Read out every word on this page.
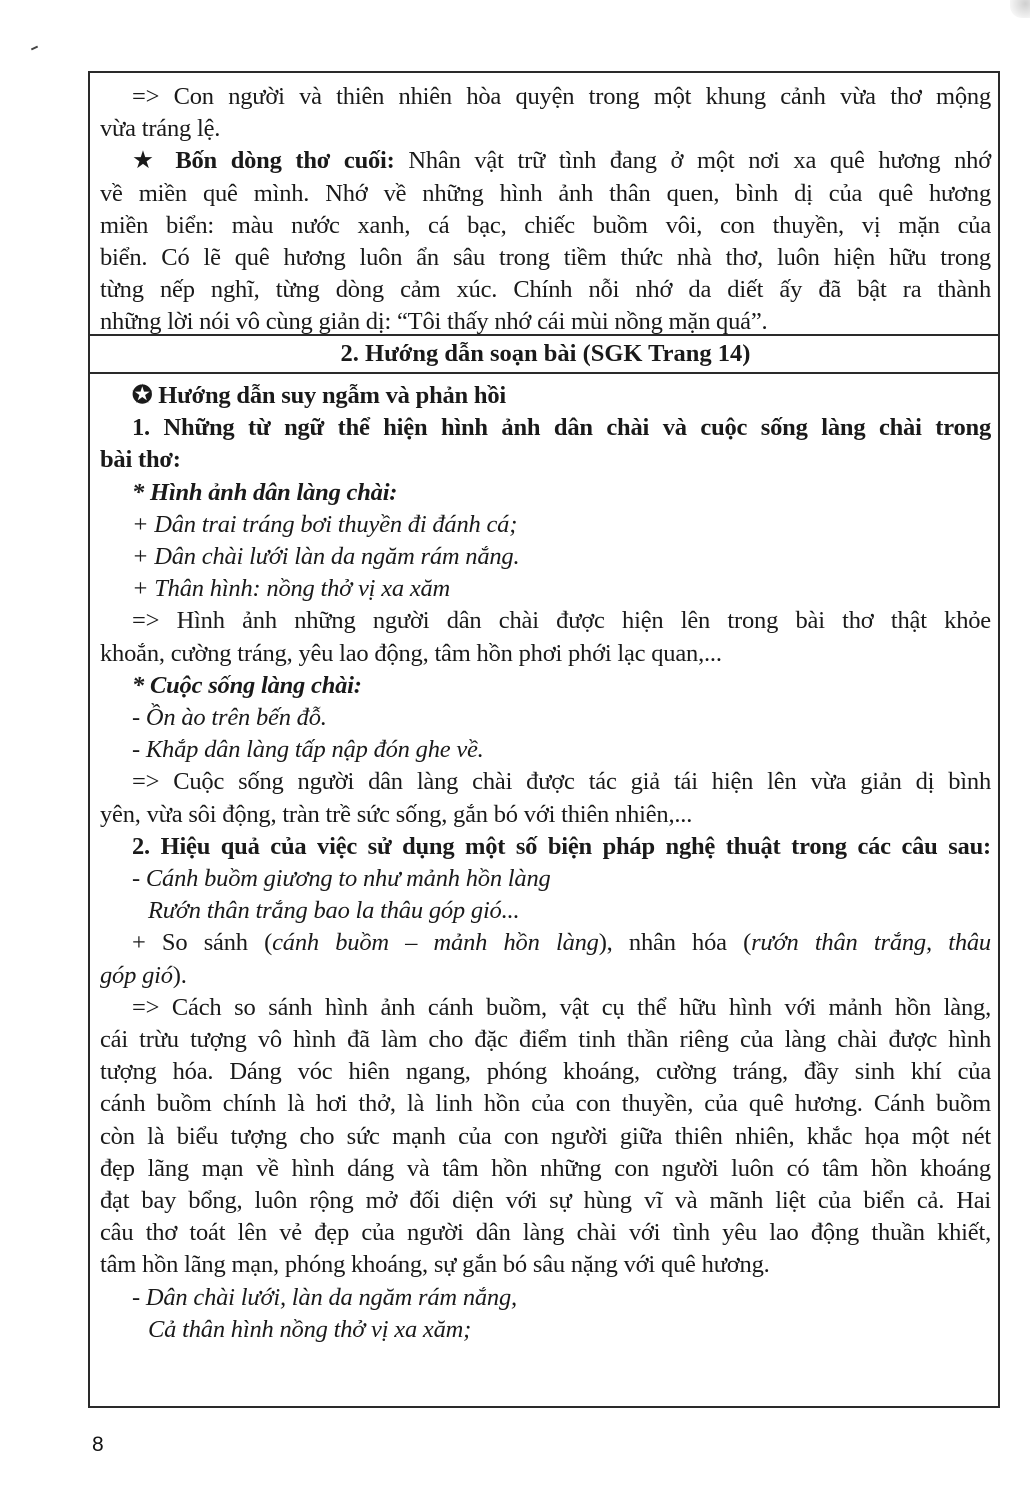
=> Con người và thiên nhiên hòa quyện trong một khung cảnh vừa thơ mộng
vừa tráng lệ.
★ Bốn dòng thơ cuối: Nhân vật trữ tình đang ở một nơi xa quê hương nhớ
về miền quê mình. Nhớ về những hình ảnh thân quen, bình dị của quê hương
miền biển: màu nước xanh, cá bạc, chiếc buồm vôi, con thuyền, vị mặn của
biển. Có lẽ quê hương luôn ẩn sâu trong tiềm thức nhà thơ, luôn hiện hữu trong
từng nếp nghĩ, từng dòng cảm xúc. Chính nỗi nhớ da diết ấy đã bật ra thành
những lời nói vô cùng giản dị: “Tôi thấy nhớ cái mùi nồng mặn quá”.
2. Hướng dẫn soạn bài (SGK Trang 14)
✪ Hướng dẫn suy ngẫm và phản hồi
1. Những từ ngữ thể hiện hình ảnh dân chài và cuộc sống làng chài trong
bài thơ:
* Hình ảnh dân làng chài:
+ Dân trai tráng bơi thuyền đi đánh cá;
+ Dân chài lưới làn da ngăm rám nắng.
+ Thân hình: nồng thở vị xa xăm
=> Hình ảnh những người dân chài được hiện lên trong bài thơ thật khỏe
khoắn, cường tráng, yêu lao động, tâm hồn phơi phới lạc quan,...
* Cuộc sống làng chài:
- Ồn ào trên bến đỗ.
- Khắp dân làng tấp nập đón ghe về.
=> Cuộc sống người dân làng chài được tác giả tái hiện lên vừa giản dị bình
yên, vừa sôi động, tràn trề sức sống, gắn bó với thiên nhiên,...
2. Hiệu quả của việc sử dụng một số biện pháp nghệ thuật trong các câu sau:
- Cánh buồm giương to như mảnh hồn làng
Rướn thân trắng bao la thâu góp gió...
+ So sánh (cánh buồm – mảnh hồn làng), nhân hóa (rướn thân trắng, thâu
góp gió).
=> Cách so sánh hình ảnh cánh buồm, vật cụ thể hữu hình với mảnh hồn làng,
cái trừu tượng vô hình đã làm cho đặc điểm tinh thần riêng của làng chài được hình
tượng hóa. Dáng vóc hiên ngang, phóng khoáng, cường tráng, đầy sinh khí của
cánh buồm chính là hơi thở, là linh hồn của con thuyền, của quê hương. Cánh buồm
còn là biểu tượng cho sức mạnh của con người giữa thiên nhiên, khắc họa một nét
đẹp lãng mạn về hình dáng và tâm hồn những con người luôn có tâm hồn khoáng
đạt bay bổng, luôn rộng mở đối diện với sự hùng vĩ và mãnh liệt của biển cả. Hai
câu thơ toát lên vẻ đẹp của người dân làng chài với tình yêu lao động thuần khiết,
tâm hồn lãng mạn, phóng khoáng, sự gắn bó sâu nặng với quê hương.
- Dân chài lưới, làn da ngăm rám nắng,
Cả thân hình nồng thở vị xa xăm;
8
